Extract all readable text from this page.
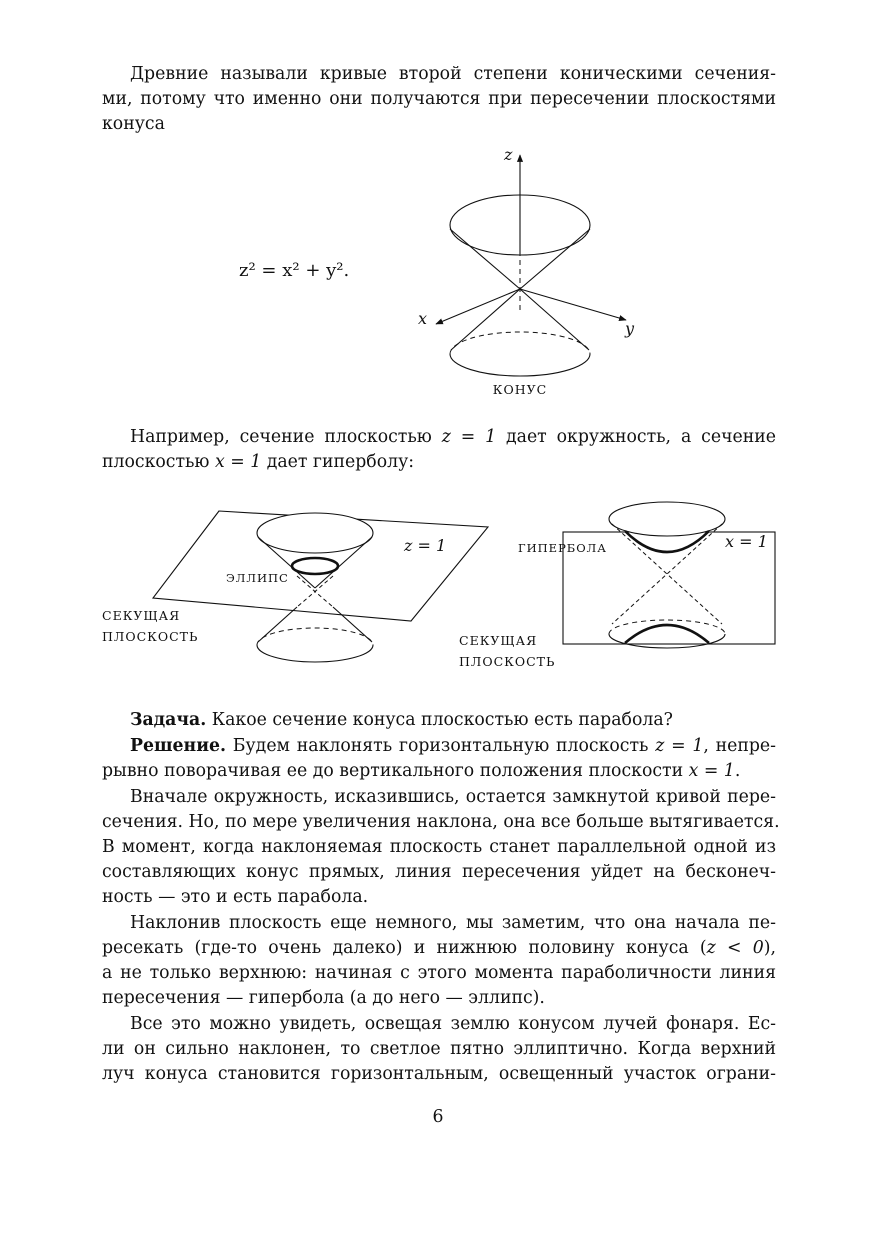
Древние называли кривые второй степени коническими сечения-
ми, потому что именно они получаются при пересечении плоскостями
конуса
z² = x² + y².
z
x
y
КОНУС
Например, сечение плоскостью z = 1 дает окружность, а сечение
плоскостью x = 1 дает гиперболу:
z = 1
ЭЛЛИПС
СЕКУЩАЯ
ПЛОСКОСТЬ
x = 1
ГИПЕРБОЛА
СЕКУЩАЯ
ПЛОСКОСТЬ
Задача. Какое сечение конуса плоскостью есть парабола?
Решение. Будем наклонять горизонтальную плоскость z = 1, непре-
рывно поворачивая ее до вертикального положения плоскости x = 1.
Вначале окружность, исказившись, остается замкнутой кривой пере-
сечения. Но, по мере увеличения наклона, она все больше вытягивается.
В момент, когда наклоняемая плоскость станет параллельной одной из
составляющих конус прямых, линия пересечения уйдет на бесконеч-
ность — это и есть парабола.
Наклонив плоскость еще немного, мы заметим, что она начала пе-
ресекать (где-то очень далеко) и нижнюю половину конуса (z < 0),
а не только верхнюю: начиная с этого момента параболичности линия
пересечения — гипербола (а до него — эллипс).
Все это можно увидеть, освещая землю конусом лучей фонаря. Ес-
ли он сильно наклонен, то светлое пятно эллиптично. Когда верхний
луч конуса становится горизонтальным, освещенный участок ограни-
6
